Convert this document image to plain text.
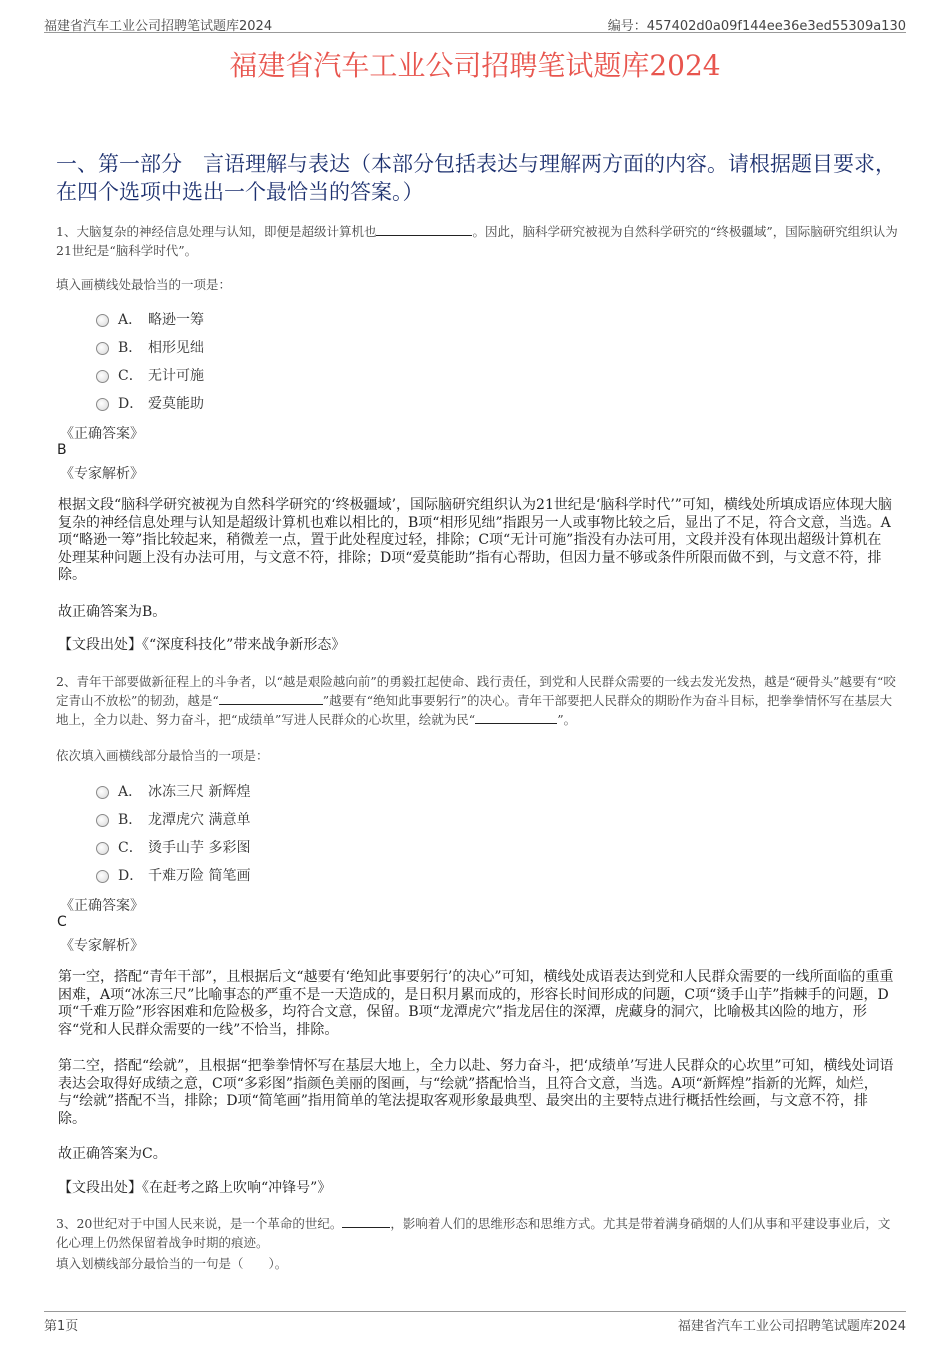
福建省汽车工业公司招聘笔试题库2024	编号：457402d0a09f144ee36e3ed55309a130
福建省汽车工业公司招聘笔试题库2024
一、第一部分　言语理解与表达（本部分包括表达与理解两方面的内容。请根据题目要求，在四个选项中选出一个最恰当的答案。）
1、大脑复杂的神经信息处理与认知，即便是超级计算机也	。因此，脑科学研究被视为自然科学研究的“终极疆域”，国际脑研究组织认为21世纪是“脑科学时代”。
填入画横线处最恰当的一项是：
A． 略逊一筹
B． 相形见绌
C． 无计可施
D． 爱莫能助
《正确答案》
B
《专家解析》
根据文段“脑科学研究被视为自然科学研究的‘终极疆域’，国际脑研究组织认为21世纪是‘脑科学时代’”可知，横线处所填成语应体现大脑复杂的神经信息处理与认知是超级计算机也难以相比的，B项“相形见绌”指跟另一人或事物比较之后，显出了不足，符合文意，当选。A项“略逊一筹”指比较起来，稍微差一点，置于此处程度过轻，排除；C项“无计可施”指没有办法可用，文段并没有体现出超级计算机在处理某种问题上没有办法可用，与文意不符，排除；D项“爱莫能助”指有心帮助，但因力量不够或条件所限而做不到，与文意不符，排除。
故正确答案为B。
【文段出处】《“深度科技化”带来战争新形态》
2、青年干部要做新征程上的斗争者，以“越是艰险越向前”的勇毅扛起使命、践行责任，到党和人民群众需要的一线去发光发热，越是“硬骨头”越要有“咬定青山不放松”的韧劲，越是“	”越要有“绝知此事要躬行”的决心。青年干部要把人民群众的期盼作为奋斗目标，把拳拳情怀写在基层大地上，全力以赴、努力奋斗，把“成绩单”写进人民群众的心坎里，绘就为民“	”。
依次填入画横线部分最恰当的一项是：
A． 冰冻三尺 新辉煌
B． 龙潭虎穴 满意单
C． 烫手山芋 多彩图
D． 千难万险 简笔画
《正确答案》
C
《专家解析》
第一空，搭配“青年干部”，且根据后文“越要有‘绝知此事要躬行’的决心”可知，横线处成语表达到党和人民群众需要的一线所面临的重重困难，A项“冰冻三尺”比喻事态的严重不是一天造成的，是日积月累而成的，形容长时间形成的问题，C项“烫手山芋”指棘手的问题，D项“千难万险”形容困难和危险极多，均符合文意，保留。B项“龙潭虎穴”指龙居住的深潭，虎藏身的洞穴，比喻极其凶险的地方，形容“党和人民群众需要的一线”不恰当，排除。
第二空，搭配“绘就”，且根据“把拳拳情怀写在基层大地上，全力以赴、努力奋斗，把‘成绩单’写进人民群众的心坎里”可知，横线处词语表达会取得好成绩之意，C项“多彩图”指颜色美丽的图画，与“绘就”搭配恰当，且符合文意，当选。A项“新辉煌”指新的光辉，灿烂，与“绘就”搭配不当，排除；D项“简笔画”指用简单的笔法提取客观形象最典型、最突出的主要特点进行概括性绘画，与文意不符，排除。
故正确答案为C。
【文段出处】《在赶考之路上吹响“冲锋号”》
3、20世纪对于中国人民来说，是一个革命的世纪。	，影响着人们的思维形态和思维方式。尤其是带着满身硝烟的人们从事和平建设事业后，文化心理上仍然保留着战争时期的痕迹。
填入划横线部分最恰当的一句是（　　）。
第1页	福建省汽车工业公司招聘笔试题库2024
